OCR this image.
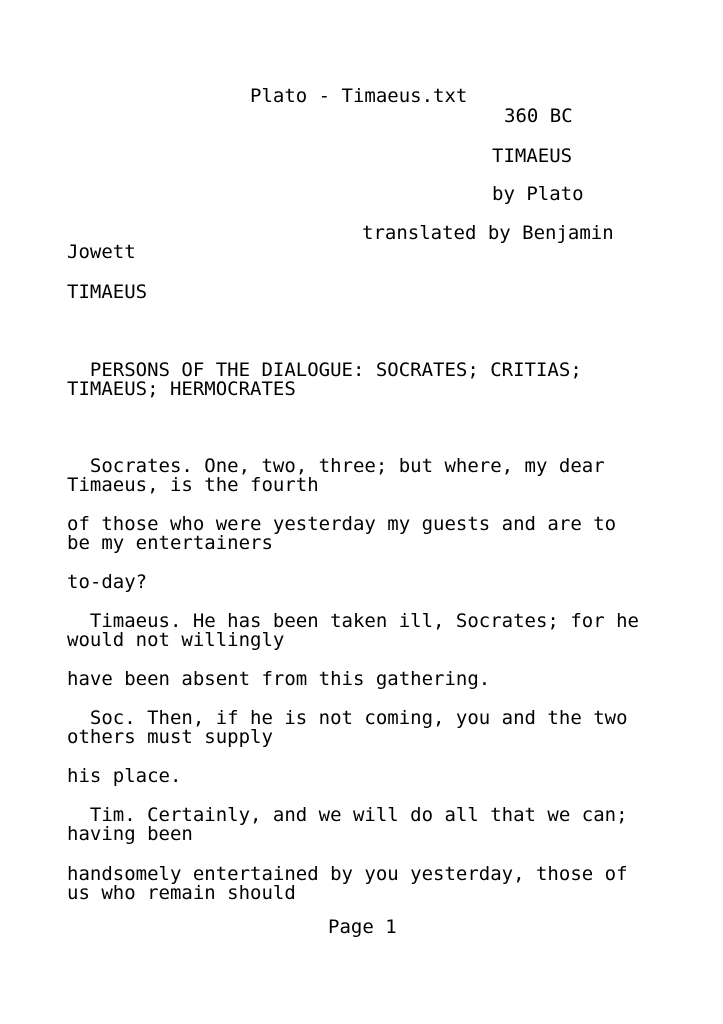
Plato - Timaeus.txt
360 BC
TIMAEUS
by Plato
translated by Benjamin
Jowett
TIMAEUS
PERSONS OF THE DIALOGUE: SOCRATES; CRITIAS;
TIMAEUS; HERMOCRATES
Socrates. One, two, three; but where, my dear
Timaeus, is the fourth
of those who were yesterday my guests and are to
be my entertainers
to-day?
Timaeus. He has been taken ill, Socrates; for he
would not willingly
have been absent from this gathering.
Soc. Then, if he is not coming, you and the two
others must supply
his place.
Tim. Certainly, and we will do all that we can;
having been
handsomely entertained by you yesterday, those of
us who remain should
Page 1
